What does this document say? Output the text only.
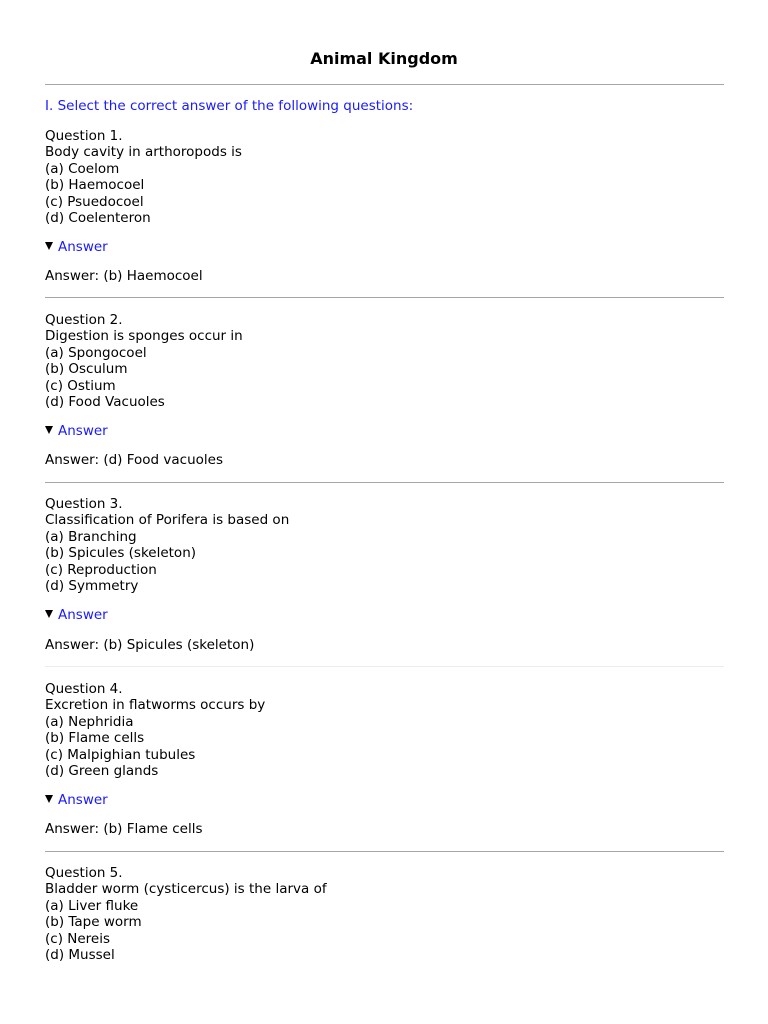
Animal Kingdom
I. Select the correct answer of the following questions:
Question 1.
Body cavity in arthoropods is
(a) Coelom
(b) Haemocoel
(c) Psuedocoel
(d) Coelenteron
Answer
Answer: (b) Haemocoel
Question 2.
Digestion is sponges occur in
(a) Spongocoel
(b) Osculum
(c) Ostium
(d) Food Vacuoles
Answer
Answer: (d) Food vacuoles
Question 3.
Classification of Porifera is based on
(a) Branching
(b) Spicules (skeleton)
(c) Reproduction
(d) Symmetry
Answer
Answer: (b) Spicules (skeleton)
Question 4.
Excretion in flatworms occurs by
(a) Nephridia
(b) Flame cells
(c) Malpighian tubules
(d) Green glands
Answer
Answer: (b) Flame cells
Question 5.
Bladder worm (cysticercus) is the larva of
(a) Liver fluke
(b) Tape worm
(c) Nereis
(d) Mussel
